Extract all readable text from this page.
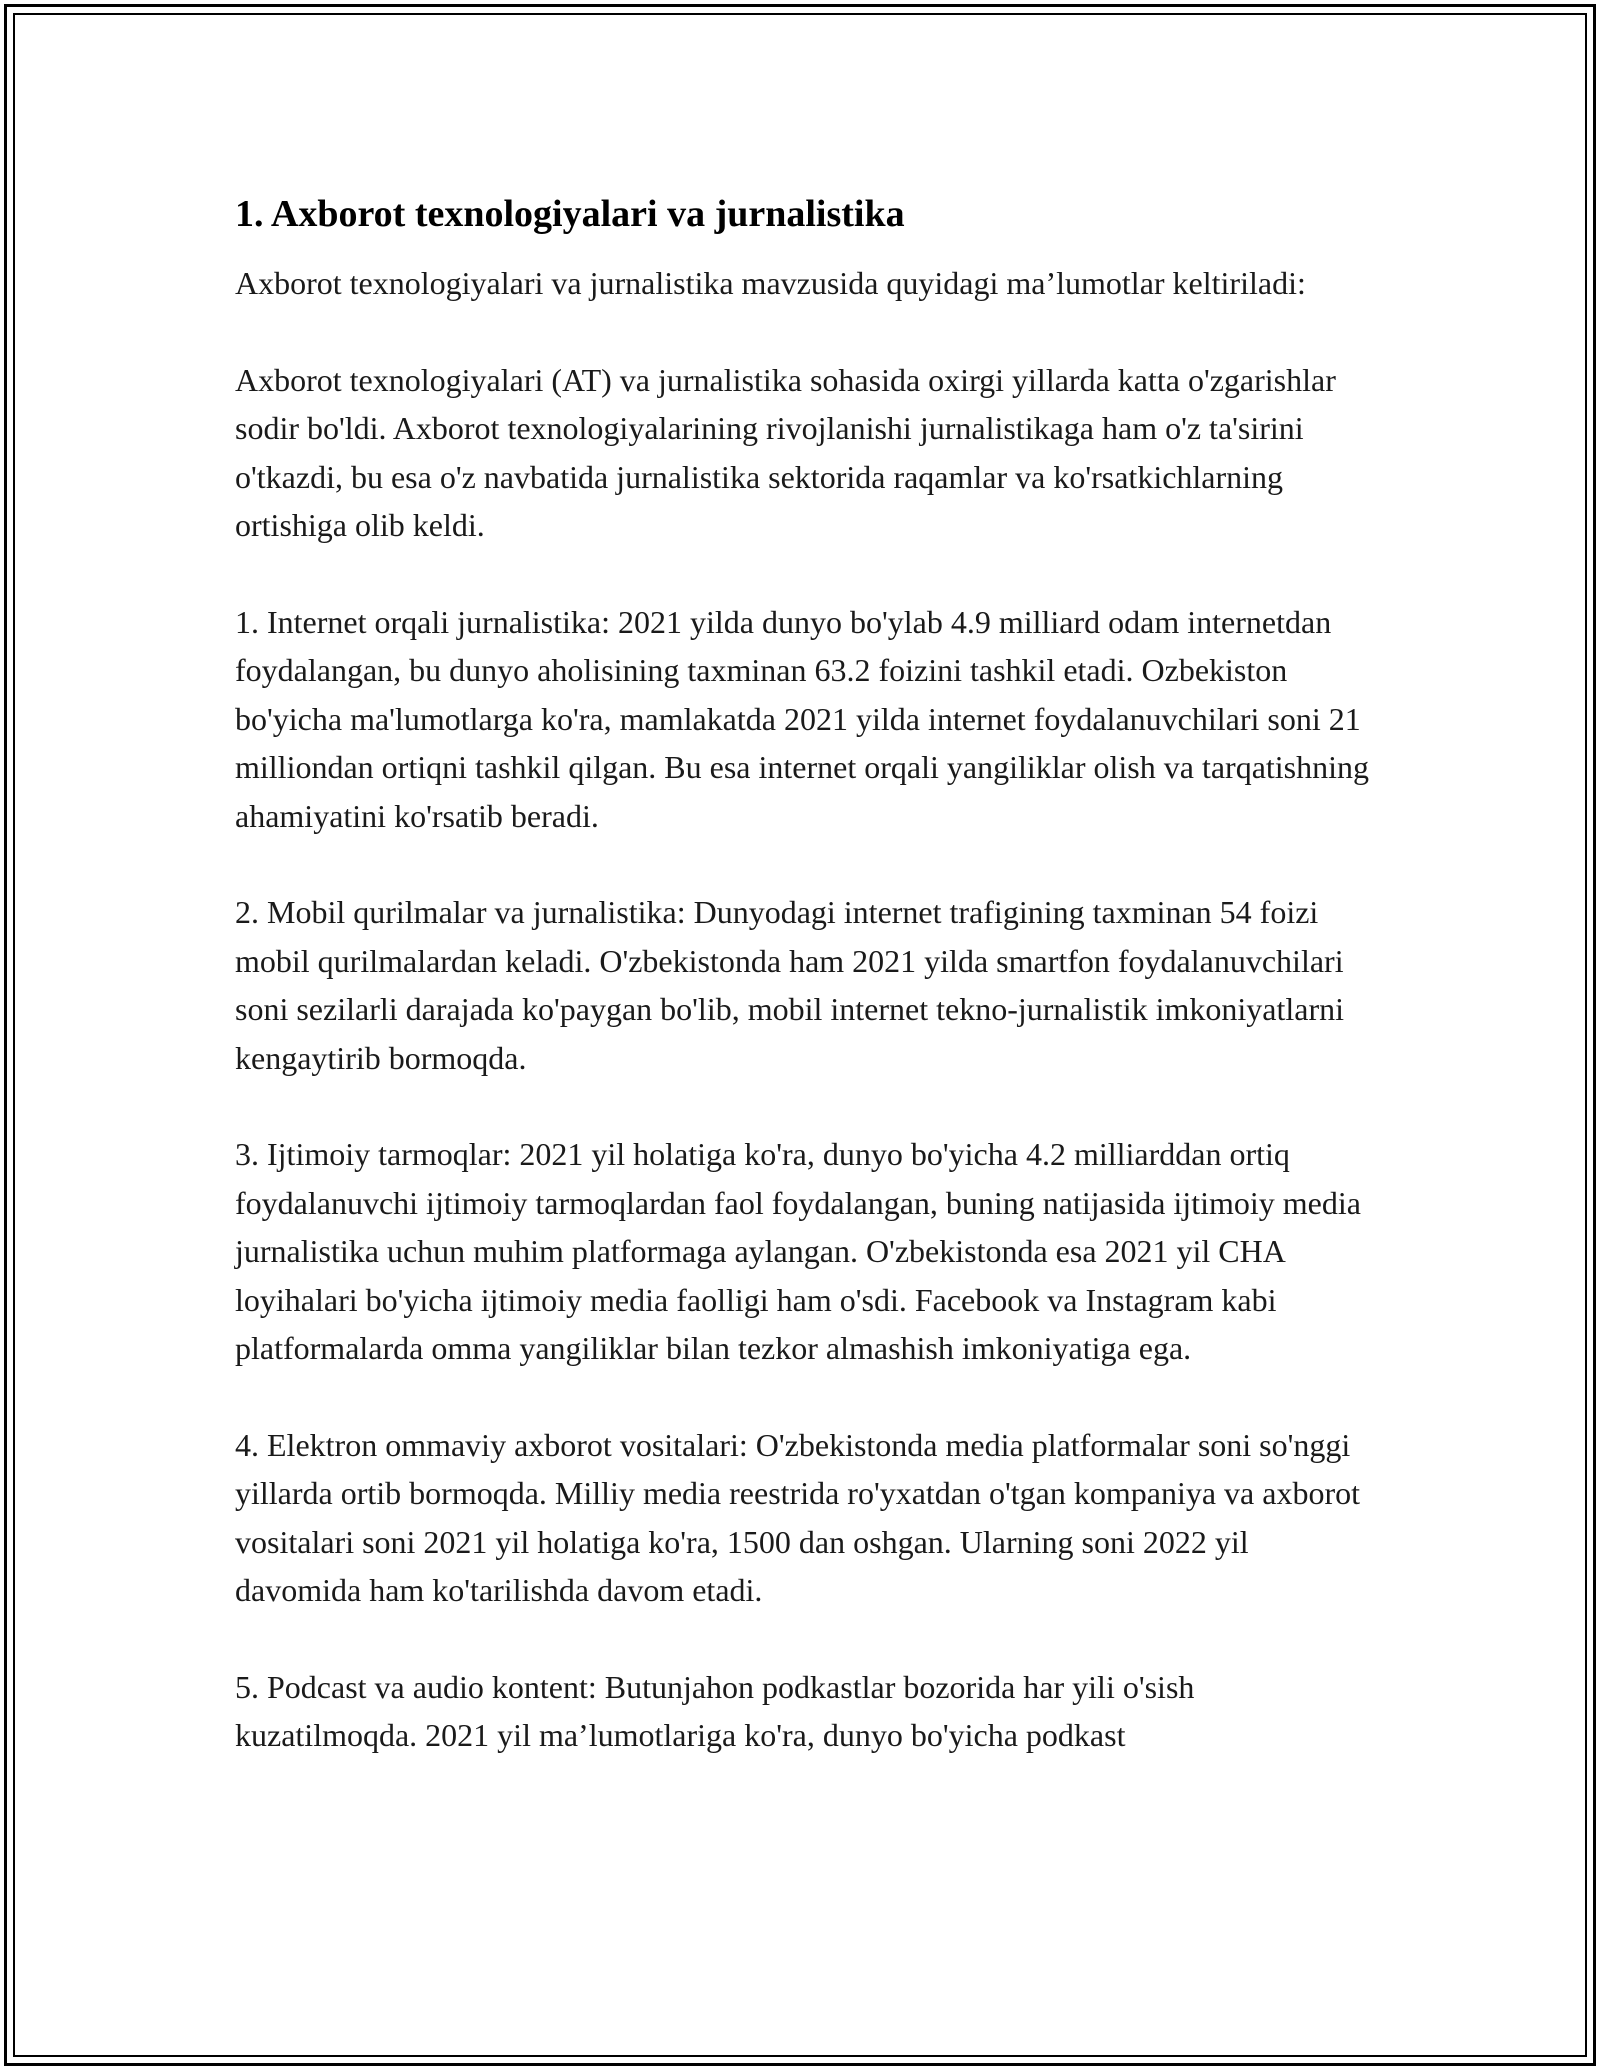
1. Axborot texnologiyalari va jurnalistika

Axborot texnologiyalari va jurnalistika mavzusida quyidagi ma’lumotlar keltiriladi:

Axborot texnologiyalari (AT) va jurnalistika sohasida oxirgi yillarda katta o'zgarishlar sodir bo'ldi. Axborot texnologiyalarining rivojlanishi jurnalistikaga ham o'z ta'sirini o'tkazdi, bu esa o'z navbatida jurnalistika sektorida raqamlar va ko'rsatkichlarning ortishiga olib keldi.

1. Internet orqali jurnalistika: 2021 yilda dunyo bo'ylab 4.9 milliard odam internetdan foydalangan, bu dunyo aholisining taxminan 63.2 foizini tashkil etadi. Ozbekiston bo'yicha ma'lumotlarga ko'ra, mamlakatda 2021 yilda internet foydalanuvchilari soni 21 milliondan ortiqni tashkil qilgan. Bu esa internet orqali yangiliklar olish va tarqatishning ahamiyatini ko'rsatib beradi.

2. Mobil qurilmalar va jurnalistika: Dunyodagi internet trafigining taxminan 54 foizi mobil qurilmalardan keladi. O'zbekistonda ham 2021 yilda smartfon foydalanuvchilari soni sezilarli darajada ko'paygan bo'lib, mobil internet tekno-jurnalistik imkoniyatlarni kengaytirib bormoqda.

3. Ijtimoiy tarmoqlar: 2021 yil holatiga ko'ra, dunyo bo'yicha 4.2 milliarddan ortiq foydalanuvchi ijtimoiy tarmoqlardan faol foydalangan, buning natijasida ijtimoiy media jurnalistika uchun muhim platformaga aylangan. O'zbekistonda esa 2021 yil CHA loyihalari bo'yicha ijtimoiy media faolligi ham o'sdi. Facebook va Instagram kabi platformalarda omma yangiliklar bilan tezkor almashish imkoniyatiga ega.

4. Elektron ommaviy axborot vositalari: O'zbekistonda media platformalar soni so'nggi yillarda ortib bormoqda. Milliy media reestrida ro'yxatdan o'tgan kompaniya va axborot vositalari soni 2021 yil holatiga ko'ra, 1500 dan oshgan. Ularning soni 2022 yil davomida ham ko'tarilishda davom etadi.

5. Podcast va audio kontent: Butunjahon podkastlar bozorida har yili o'sish kuzatilmoqda. 2021 yil ma’lumotlariga ko'ra, dunyo bo'yicha podkast
